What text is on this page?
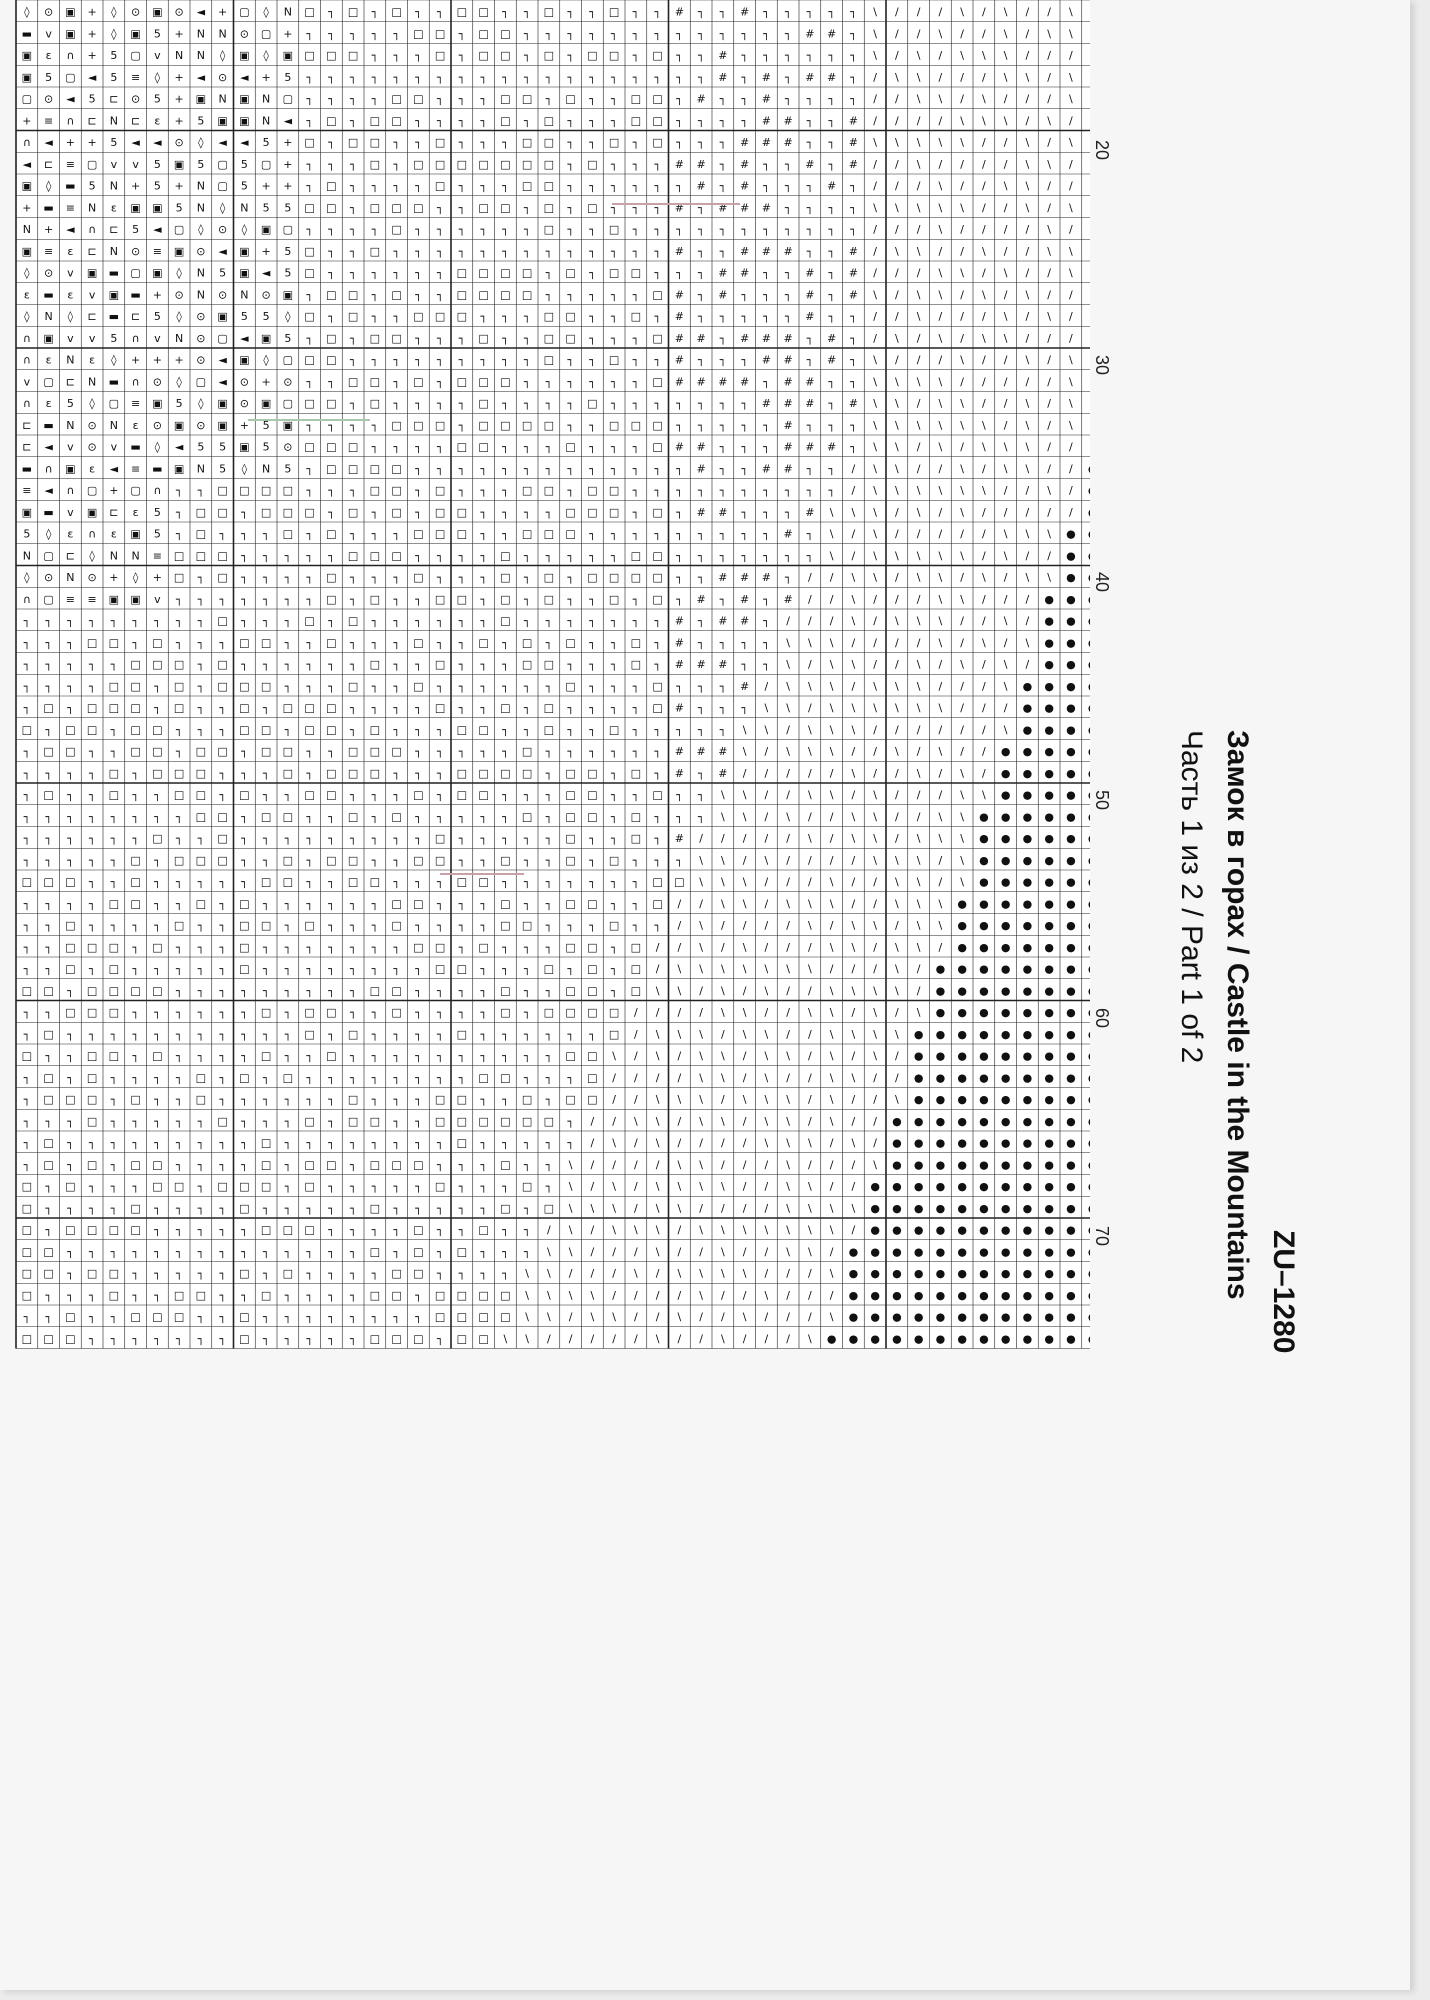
◊ ⊙ ▣ + ◊ ⊙ ▣ ⊙ ◄ + ▢ ◊ N □ ┐ □ ┐ □ ┐ ┐ □ □ ┐ ┐ □ ┐ ┐ □ ┐ ┐ # ┐ ┐ # ┐ ┐ ┐ ┐ ┐ \ / / / \ / \ / / \
▬ v ▣ + ◊ ▣ 5 + N N ⊙ ▢ + ┐ ┐ ┐ ┐ ┐ □ □ ┐ □ □ ┐ ┐ ┐ ┐ ┐ ┐ ┐ ┐ ┐ ┐ ┐ ┐ ┐ # # ┐ \ / / \ / / \ / \ \
▣ ε ∩ + 5 ▢ v N N ◊ ▣ ◊ ▣ □ □ □ ┐ ┐ ┐ □ ┐ □ □ ┐ □ ┐ □ □ ┐ □ ┐ ┐ # ┐ ┐ ┐ ┐ ┐ ┐ \ / \ / \ \ \ / / /
▣ 5 ▢ ◄ 5 ≡ ◊ + ◄ ⊙ ◄ + 5 ┐ ┐ ┐ ┐ ┐ ┐ ┐ ┐ ┐ ┐ ┐ ┐ ┐ ┐ ┐ ┐ ┐ ┐ ┐ # ┐ # ┐ # # ┐ / \ \ / / / \ \ / \
▢ ⊙ ◄ 5 ⊏ ⊙ 5 + ▣ N ▣ N ▢ ┐ ┐ ┐ ┐ □ □ ┐ ┐ ┐ □ □ ┐ □ ┐ ┐ □ □ ┐ # ┐ ┐ # ┐ ┐ ┐ ┐ / / \ \ / \ / / / \
+ ≡ ∩ ⊏ N ⊏ ε + 5 ▣ ▣ N ◄ ┐ □ ┐ □ □ ┐ ┐ ┐ ┐ □ ┐ □ ┐ ┐ ┐ □ □ ┐ ┐ ┐ ┐ # # ┐ ┐ # / / / / \ \ \ / \ /
∩ ◄ + + 5 ◄ ◄ ⊙ ◊ ◄ ◄ 5 + □ ┐ □ □ ┐ ┐ □ ┐ ┐ ┐ □ □ ┐ ┐ □ ┐ □ ┐ ┐ ┐ # # # ┐ ┐ # \ \ \ \ \ / / \ / \
◄ ⊏ ≡ ▢ v v 5 ▣ 5 ▢ 5 ▢ + ┐ ┐ ┐ □ ┐ □ □ □ □ □ □ □ ┐ □ ┐ ┐ ┐ # # ┐ # ┐ ┐ # ┐ # / / \ / / / / \ \ /
▣ ◊ ▬ 5 N + 5 + N ▢ 5 + + ┐ □ ┐ ┐ ┐ ┐ □ ┐ ┐ ┐ □ □ ┐ ┐ ┐ ┐ ┐ ┐ # ┐ # ┐ ┐ ┐ # ┐ / / / \ / / \ \ / /
+ ▬ ≡ N ε ▣ ▣ 5 N ◊ N 5 5 □ □ ┐ □ □ □ ┐ ┐ □ □ ┐ □ ┐ □ ┐ ┐ ┐ # ┐ # # # ┐ ┐ ┐ ┐ \ \ \ \ \ / / \ / \
N + ◄ ∩ ⊏ 5 ◄ ▢ ◊ ⊙ ◊ ▣ ▢ ┐ ┐ ┐ ┐ □ ┐ ┐ ┐ ┐ ┐ ┐ □ ┐ ┐ □ ┐ ┐ ┐ ┐ ┐ ┐ ┐ ┐ ┐ ┐ ┐ / / / \ / / / / \ /
▣ ≡ ε ⊏ N ⊙ ≡ ▣ ⊙ ◄ ▣ + 5 □ ┐ ┐ □ ┐ ┐ ┐ ┐ ┐ ┐ ┐ ┐ ┐ ┐ ┐ ┐ ┐ # ┐ ┐ # # # ┐ ┐ # / \ \ / / \ / / \ \
◊ ⊙ v ▣ ▬ ▢ ▣ ◊ N 5 ▣ ◄ 5 □ ┐ ┐ ┐ ┐ ┐ ┐ □ □ □ □ ┐ □ ┐ □ □ ┐ ┐ ┐ # # ┐ ┐ # ┐ # / / / \ \ / \ / / \
ε ▬ ε v ▣ ▬ + ⊙ N ⊙ N ⊙ ▣ ┐ □ □ ┐ □ ┐ ┐ □ □ □ □ ┐ ┐ ┐ ┐ ┐ □ # ┐ # ┐ ┐ ┐ # ┐ # \ / \ \ / \ / \ / /
◊ N ◊ ⊏ ▬ ⊏ 5 ◊ ⊙ ▣ 5 5 ◊ □ ┐ □ ┐ ┐ □ □ □ ┐ ┐ ┐ □ □ ┐ ┐ □ ┐ # ┐ ┐ ┐ ┐ ┐ # ┐ ┐ / / \ / / / \ / \ /
∩ ▣ v v 5 ∩ v N ⊙ ▢ ◄ ▣ 5 ┐ □ ┐ □ □ ┐ ┐ ┐ □ ┐ ┐ □ □ ┐ ┐ ┐ □ # # ┐ # # # ┐ # ┐ / \ / \ / \ \ / / /
∩ ε N ε ◊ + + + ⊙ ◄ ▣ ◊ ▢ □ □ ┐ ┐ ┐ ┐ ┐ ┐ ┐ ┐ ┐ □ ┐ ┐ □ ┐ ┐ # ┐ ┐ ┐ # # ┐ # ┐ \ / / / \ / / \ / \
v ▢ ⊏ N ▬ ∩ ⊙ ◊ ▢ ◄ ⊙ + ⊙ ┐ ┐ □ □ ┐ □ ┐ □ □ □ ┐ ┐ ┐ ┐ ┐ ┐ □ # # # # ┐ # # ┐ ┐ \ \ \ \ / / / / / \
∩ ε 5 ◊ ▢ ≡ ▣ 5 ◊ ▣ ⊙ ▣ ▢ □ □ ┐ □ ┐ ┐ ┐ ┐ □ ┐ ┐ ┐ ┐ □ ┐ ┐ ┐ ┐ ┐ ┐ ┐ # # # ┐ # \ \ / \ \ / / \ / \
⊏ ▬ N ⊙ N ε ⊙ ▣ ⊙ ▣ + 5 ▣ ┐ ┐ ┐ ┐ □ □ □ ┐ □ □ □ □ ┐ ┐ □ □ □ ┐ ┐ ┐ ┐ ┐ # ┐ ┐ ┐ \ \ \ \ \ \ / \ / \
⊏ ◄ v ⊙ v ▬ ◊ ◄ 5 5 ▣ 5 ⊙ □ □ □ ┐ ┐ ┐ ┐ □ □ ┐ ┐ ┐ □ ┐ ┐ ┐ □ # # ┐ ┐ ┐ # # # ┐ \ \ / \ / \ \ \ / /
▬ ∩ ▣ ε ◄ ≡ ▬ ▣ N 5 ◊ N 5 ┐ □ □ □ □ ┐ ┐ ┐ ┐ ┐ ┐ ┐ ┐ ┐ ┐ ┐ ┐ ┐ # ┐ ┐ # # ┐ ┐ / \ \ / / \ / \ \ / /
≡ ◄ ∩ ▢ + ▢ ∩ ┐ ┐ □ □ □ □ ┐ ┐ ┐ □ □ ┐ □ ┐ ┐ ┐ □ □ ┐ □ □ ┐ ┐ ┐ ┐ ┐ ┐ ┐ ┐ ┐ ┐ / \ \ \ \ \ \ / / \ /
▣ ▬ v ▣ ⊏ ε 5 ┐ □ □ ┐ □ □ □ ┐ □ ┐ □ ┐ □ □ ┐ ┐ ┐ ┐ □ □ □ ┐ □ ┐ # # ┐ ┐ ┐ # \ \ \ / \ / \ / / / / /
5 ◊ ε ∩ ε ▣ 5 ┐ □ ┐ ┐ ┐ □ ┐ □ ┐ ┐ ┐ □ □ □ ┐ ┐ □ □ □ ┐ ┐ ┐ ┐ ┐ ┐ ┐ ┐ ┐ # ┐ \ / \ / / / / / \ \ \ ●
N ▢ ⊏ ◊ N N ≡ □ □ □ ┐ ┐ ┐ ┐ ┐ □ □ □ ┐ ┐ ┐ ┐ □ ┐ ┐ ┐ ┐ ┐ □ □ ┐ ┐ ┐ ┐ ┐ ┐ ┐ \ / \ \ \ \ \ / \ / / ●
◊ ⊙ N ⊙ + ◊ + □ ┐ □ ┐ ┐ ┐ ┐ □ ┐ ┐ ┐ □ ┐ ┐ ┐ □ ┐ □ ┐ □ □ □ □ ┐ ┐ # # # ┐ / / \ \ / \ \ / \ / \ \ ●
∩ ▢ ≡ ≡ ▣ ▣ v ┐ ┐ ┐ ┐ ┐ ┐ ┐ □ ┐ □ ┐ ┐ □ □ ┐ □ ┐ □ ┐ ┐ □ ┐ □ ┐ # ┐ # ┐ # / / \ / / / \ \ / / / ● ●
┐ ┐ ┐ ┐ ┐ ┐ ┐ ┐ ┐ □ ┐ ┐ ┐ □ ┐ □ ┐ ┐ ┐ ┐ ┐ ┐ □ ┐ ┐ ┐ ┐ ┐ ┐ ┐ # ┐ # # ┐ / / / \ / \ \ \ / / \ / ● ●
┐ ┐ ┐ □ □ ┐ □ ┐ ┐ ┐ □ □ ┐ ┐ □ ┐ ┐ ┐ □ ┐ ┐ □ ┐ □ ┐ □ ┐ ┐ □ ┐ # ┐ ┐ ┐ ┐ \ \ \ / / / / \ / \ / \ ● ●
┐ ┐ ┐ ┐ ┐ □ □ □ ┐ □ ┐ ┐ ┐ ┐ ┐ ┐ □ ┐ ┐ □ ┐ ┐ ┐ □ □ ┐ ┐ ┐ □ ┐ # # # ┐ ┐ \ / \ \ / / \ / \ / \ / ● ●
┐ ┐ ┐ ┐ □ □ ┐ □ ┐ □ □ □ ┐ ┐ ┐ □ ┐ ┐ □ ┐ ┐ ┐ ┐ ┐ ┐ □ ┐ ┐ ┐ □ ┐ ┐ ┐ # / \ \ \ / \ \ \ / / / \ ● ● ●
┐ □ ┐ □ □ □ ┐ □ ┐ ┐ □ ┐ □ □ □ ┐ ┐ ┐ ┐ □ ┐ ┐ □ ┐ □ ┐ ┐ ┐ ┐ □ # ┐ ┐ ┐ \ \ / \ \ \ \ \ \ / / / ● ● ●
□ ┐ □ □ ┐ □ □ ┐ ┐ ┐ □ □ ┐ □ □ ┐ □ ┐ ┐ ┐ □ □ ┐ ┐ □ ┐ ┐ □ ┐ ┐ ┐ ┐ ┐ \ \ / \ \ \ / / / / / / \ ● ● ●
┐ □ □ ┐ ┐ □ □ ┐ □ □ ┐ □ □ ┐ ┐ □ □ □ ┐ ┐ ┐ ┐ ┐ □ ┐ ┐ ┐ ┐ ┐ ┐ # # # \ / \ \ \ / / \ / \ / / ● ● ● ●
┐ ┐ ┐ ┐ □ ┐ □ □ □ ┐ ┐ ┐ □ ┐ □ □ □ ┐ ┐ ┐ □ □ □ □ ┐ □ □ ┐ □ ┐ # ┐ # / / / / / \ / / \ / \ / ● ● ● ●
┐ □ ┐ ┐ □ ┐ ┐ □ □ ┐ □ ┐ ┐ □ □ ┐ ┐ ┐ □ ┐ □ □ ┐ ┐ ┐ □ □ ┐ ┐ □ ┐ ┐ \ \ / / \ \ / \ / / / \ \ ● ● ● ●
┐ ┐ ┐ ┐ ┐ ┐ ┐ ┐ □ □ ┐ □ □ ┐ ┐ □ ┐ □ ┐ ┐ ┐ ┐ ┐ □ ┐ □ □ ┐ □ ┐ ┐ ┐ \ \ / \ / / \ \ / / \ \ ● ● ● ● ●
┐ ┐ ┐ ┐ ┐ ┐ □ ┐ ┐ □ ┐ ┐ ┐ ┐ ┐ ┐ ┐ ┐ ┐ □ ┐ ┐ ┐ ┐ ┐ □ ┐ ┐ □ ┐ # / / / / / \ / \ \ / \ \ \ ● ● ● ● ●
┐ ┐ ┐ ┐ ┐ □ ┐ □ □ □ ┐ ┐ □ ┐ □ □ ┐ ┐ □ □ ┐ ┐ □ ┐ ┐ □ ┐ □ ┐ ┐ ┐ \ \ / \ / / / / \ \ \ / \ ● ● ● ● ●
□ □ □ ┐ ┐ □ ┐ ┐ ┐ ┐ ┐ □ □ ┐ ┐ □ □ ┐ ┐ ┐ □ □ ┐ ┐ ┐ ┐ ┐ ┐ ┐ □ □ \ \ \ / / / \ / / \ \ / \ ● ● ● ● ●
┐ ┐ ┐ ┐ □ □ ┐ ┐ □ ┐ □ ┐ ┐ ┐ ┐ ┐ ┐ □ □ ┐ ┐ ┐ □ ┐ ┐ □ □ ┐ ┐ □ / / \ \ / \ \ \ / / \ \ \ ● ● ● ● ● ●
┐ ┐ □ ┐ ┐ ┐ ┐ □ ┐ ┐ □ □ ┐ □ ┐ ┐ ┐ □ ┐ ┐ ┐ ┐ □ □ ┐ ┐ ┐ □ ┐ ┐ / \ / / / / \ / \ \ / \ \ ● ● ● ● ● ●
┐ ┐ □ □ □ ┐ □ ┐ ┐ ┐ □ ┐ ┐ ┐ ┐ ┐ ┐ ┐ □ □ ┐ □ ┐ ┐ ┐ □ □ ┐ □ / / \ / \ / / / \ \ / \ \ / ● ● ● ● ● ●
┐ ┐ □ ┐ □ ┐ ┐ ┐ ┐ ┐ □ ┐ ┐ ┐ ┐ ┐ ┐ ┐ ┐ □ □ ┐ ┐ ┐ □ ┐ □ ┐ □ / \ \ \ \ \ \ \ / / / \ / ● ● ● ● ● ● ●
□ □ ┐ □ □ □ □ ┐ ┐ ┐ ┐ ┐ ┐ ┐ ┐ ┐ □ □ ┐ ┐ ┐ ┐ □ ┐ ┐ □ □ ┐ □ \ \ / \ / \ / / \ \ \ \ / ● ● ● ● ● ● ●
┐ ┐ □ □ □ ┐ ┐ ┐ ┐ ┐ ┐ □ ┐ □ □ ┐ ┐ □ ┐ ┐ ┐ ┐ □ ┐ □ □ □ □ / / / / \ \ / / \ \ / \ / \ ● ● ● ● ● ● ●
┐ □ ┐ ┐ ┐ ┐ ┐ ┐ ┐ ┐ ┐ ┐ ┐ □ ┐ □ ┐ ┐ ┐ ┐ □ ┐ ┐ ┐ ┐ ┐ ┐ □ / \ \ \ / \ \ / / \ \ \ \ ● ● ● ● ● ● ● ●
□ ┐ ┐ □ □ ┐ □ ┐ ┐ ┐ ┐ □ ┐ ┐ □ ┐ ┐ ┐ ┐ ┐ ┐ ┐ ┐ ┐ ┐ □ □ \ / \ / \ \ / \ \ / \ / \ / ● ● ● ● ● ● ● ●
┐ □ ┐ □ ┐ ┐ ┐ ┐ □ ┐ □ ┐ □ ┐ ┐ ┐ ┐ ┐ ┐ ┐ ┐ □ □ ┐ ┐ ┐ □ / / / / \ \ / \ / / \ \ / / ● ● ● ● ● ● ● ●
┐ □ □ □ ┐ □ ┐ ┐ □ ┐ ┐ ┐ ┐ ┐ ┐ □ ┐ ┐ ┐ □ □ ┐ ┐ □ ┐ □ □ / / \ \ \ / \ \ \ / \ / / \ ● ● ● ● ● ● ● ●
┐ ┐ ┐ □ ┐ ┐ ┐ ┐ ┐ □ ┐ ┐ ┐ □ ┐ □ □ ┐ ┐ □ □ □ □ □ □ ┐ / / \ \ / \ \ / \ \ / \ / / ● ● ● ● ● ● ● ● ●
┐ □ ┐ ┐ ┐ ┐ ┐ ┐ ┐ ┐ ┐ □ ┐ ┐ ┐ ┐ ┐ ┐ ┐ ┐ □ ┐ ┐ ┐ ┐ ┐ / \ / \ / / / / \ \ \ / \ / ● ● ● ● ● ● ● ● ●
┐ □ ┐ □ ┐ □ □ ┐ ┐ ┐ ┐ □ ┐ □ □ ┐ □ □ □ ┐ ┐ ┐ □ ┐ ┐ \ / / / / \ \ / / / \ / / / \ ● ● ● ● ● ● ● ● ●
□ ┐ □ ┐ ┐ ┐ □ □ ┐ □ □ □ ┐ □ ┐ ┐ ┐ ┐ ┐ □ ┐ ┐ ┐ □ ┐ \ / \ / \ \ \ \ / / \ \ / / ● ● ● ● ● ● ● ● ● ●
□ ┐ ┐ ┐ ┐ □ ┐ ┐ ┐ ┐ □ ┐ ┐ ┐ ┐ ┐ □ ┐ ┐ ┐ ┐ ┐ □ ┐ □ \ \ \ / \ \ / / / / \ \ \ \ ● ● ● ● ● ● ● ● ● ●
□ ┐ □ □ □ □ ┐ ┐ ┐ ┐ ┐ □ □ □ ┐ ┐ ┐ ┐ □ ┐ ┐ □ ┐ ┐ / \ / \ \ \ / \ \ \ \ \ \ \ / ● ● ● ● ● ● ● ● ● ●
□ □ ┐ ┐ ┐ ┐ ┐ ┐ ┐ ┐ ┐ ┐ ┐ ┐ ┐ ┐ □ ┐ □ ┐ □ ┐ ┐ ┐ \ \ / / / \ / / \ / / \ \ / ● ● ● ● ● ● ● ● ● ● ●
□ □ ┐ □ □ ┐ ┐ ┐ ┐ ┐ □ ┐ □ ┐ ┐ ┐ ┐ □ □ ┐ ┐ ┐ ┐ \ \ / / / \ / \ \ \ \ / / / \ ● ● ● ● ● ● ● ● ● ● ●
□ ┐ ┐ ┐ □ ┐ ┐ □ □ ┐ ┐ □ ┐ ┐ ┐ ┐ □ □ ┐ □ □ □ □ \ \ \ \ / / / / \ / / \ / / / ● ● ● ● ● ● ● ● ● ● ●
┐ ┐ □ ┐ ┐ □ □ □ ┐ ┐ □ ┐ ┐ ┐ ┐ ┐ ┐ ┐ ┐ □ □ □ □ \ \ / \ \ / / \ / / \ / / / \ ● ● ● ● ● ● ● ● ● ● ●
□ □ □ ┐ ┐ ┐ ┐ ┐ ┐ ┐ □ ┐ ┐ ┐ ┐ ┐ □ □ □ ┐ □ □ \ \ / / / / / \ / / \ / / / \ ● ● ● ● ● ● ● ● ● ● ● ●
20
30
40
50
60
70	ZU–1280
Замок в горах / Castle in the Mountains
Часть 1 из 2 / Part 1 of 2
